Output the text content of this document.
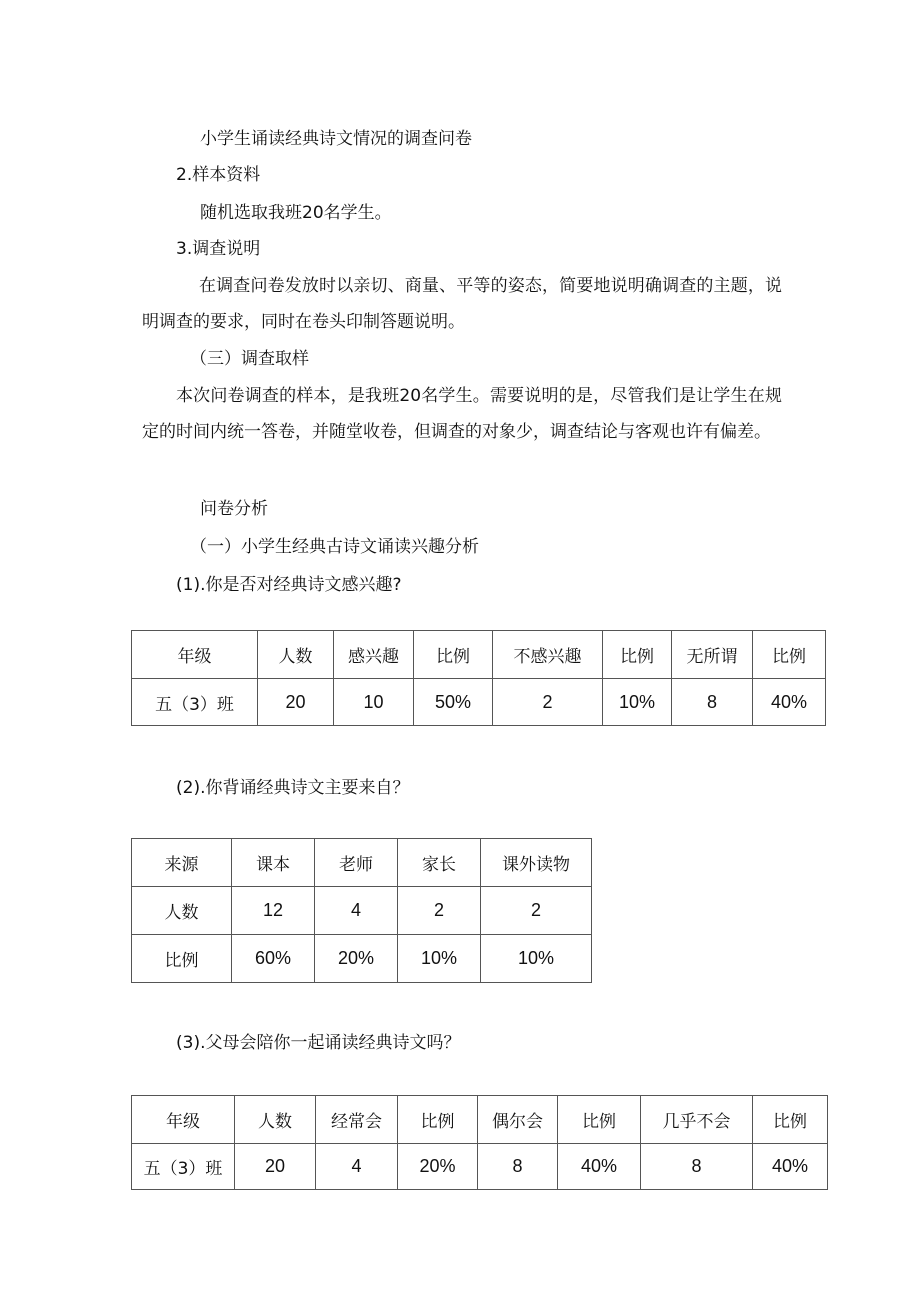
小学生诵读经典诗文情况的调查问卷
2.样本资料
随机选取我班20名学生。
3.调查说明
在调查问卷发放时以亲切、商量、平等的姿态，简要地说明确调查的主题，说明调查的要求，同时在卷头印制答题说明。
（三）调查取样
本次问卷调查的样本，是我班20名学生。需要说明的是，尽管我们是让学生在规定的时间内统一答卷，并随堂收卷，但调查的对象少，调查结论与客观也许有偏差。
问卷分析
（一）小学生经典古诗文诵读兴趣分析
(1).你是否对经典诗文感兴趣?
年级	人数	感兴趣	比例	不感兴趣	比例	无所谓	比例
五（3）班	20	10	50%	2	10%	8	40%
(2).你背诵经典诗文主要来自？
来源	课本	老师	家长	课外读物
人数	12	4	2	2
比例	60%	20%	10%	10%
(3).父母会陪你一起诵读经典诗文吗？
年级	人数	经常会	比例	偶尔会	比例	几乎不会	比例
五（3）班	20	4	20%	8	40%	8	40%
